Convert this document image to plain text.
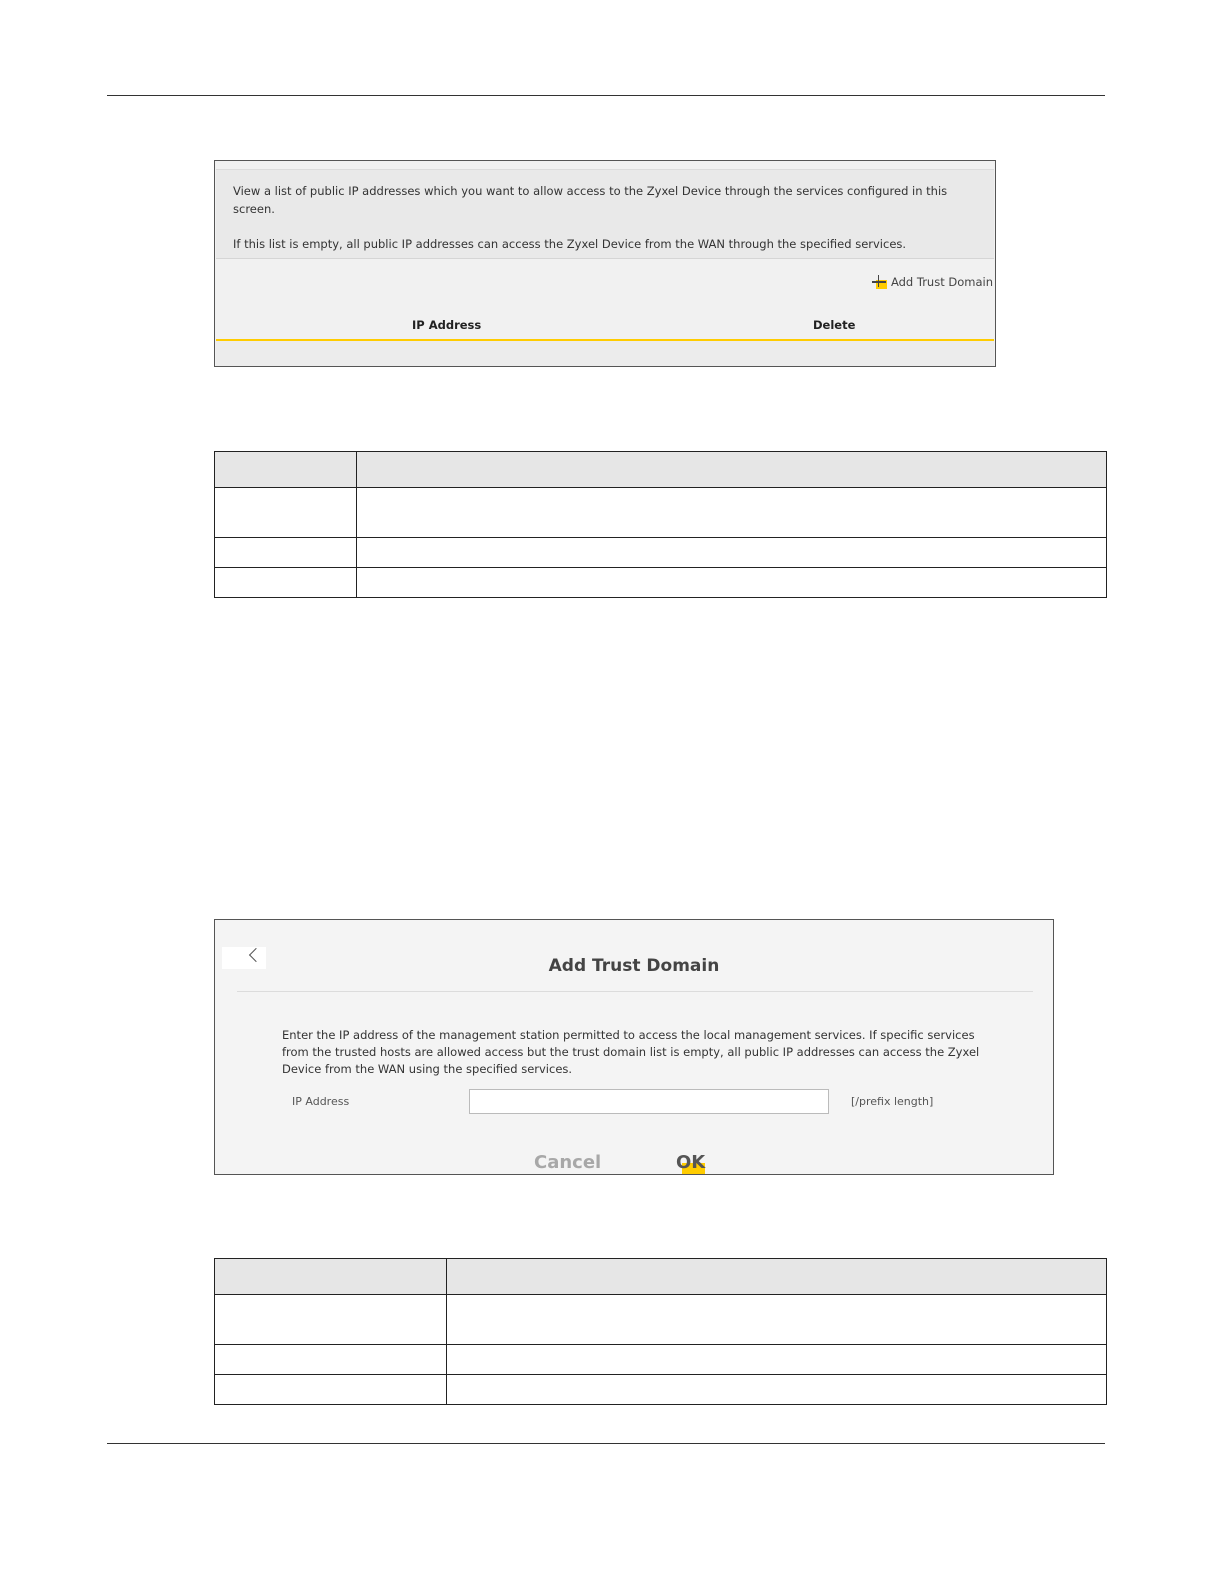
View a list of public IP addresses which you want to allow access to the Zyxel Device through the services configured in this screen.

If this list is empty, all public IP addresses can access the Zyxel Device from the WAN through the specified services.

Add Trust Domain
IP Address	Delete

Add Trust Domain
Enter the IP address of the management station permitted to access the local management services. If specific services from the trusted hosts are allowed access but the trust domain list is empty, all public IP addresses can access the Zyxel Device from the WAN using the specified services.
IP Address	[/prefix length]
Cancel	OK
